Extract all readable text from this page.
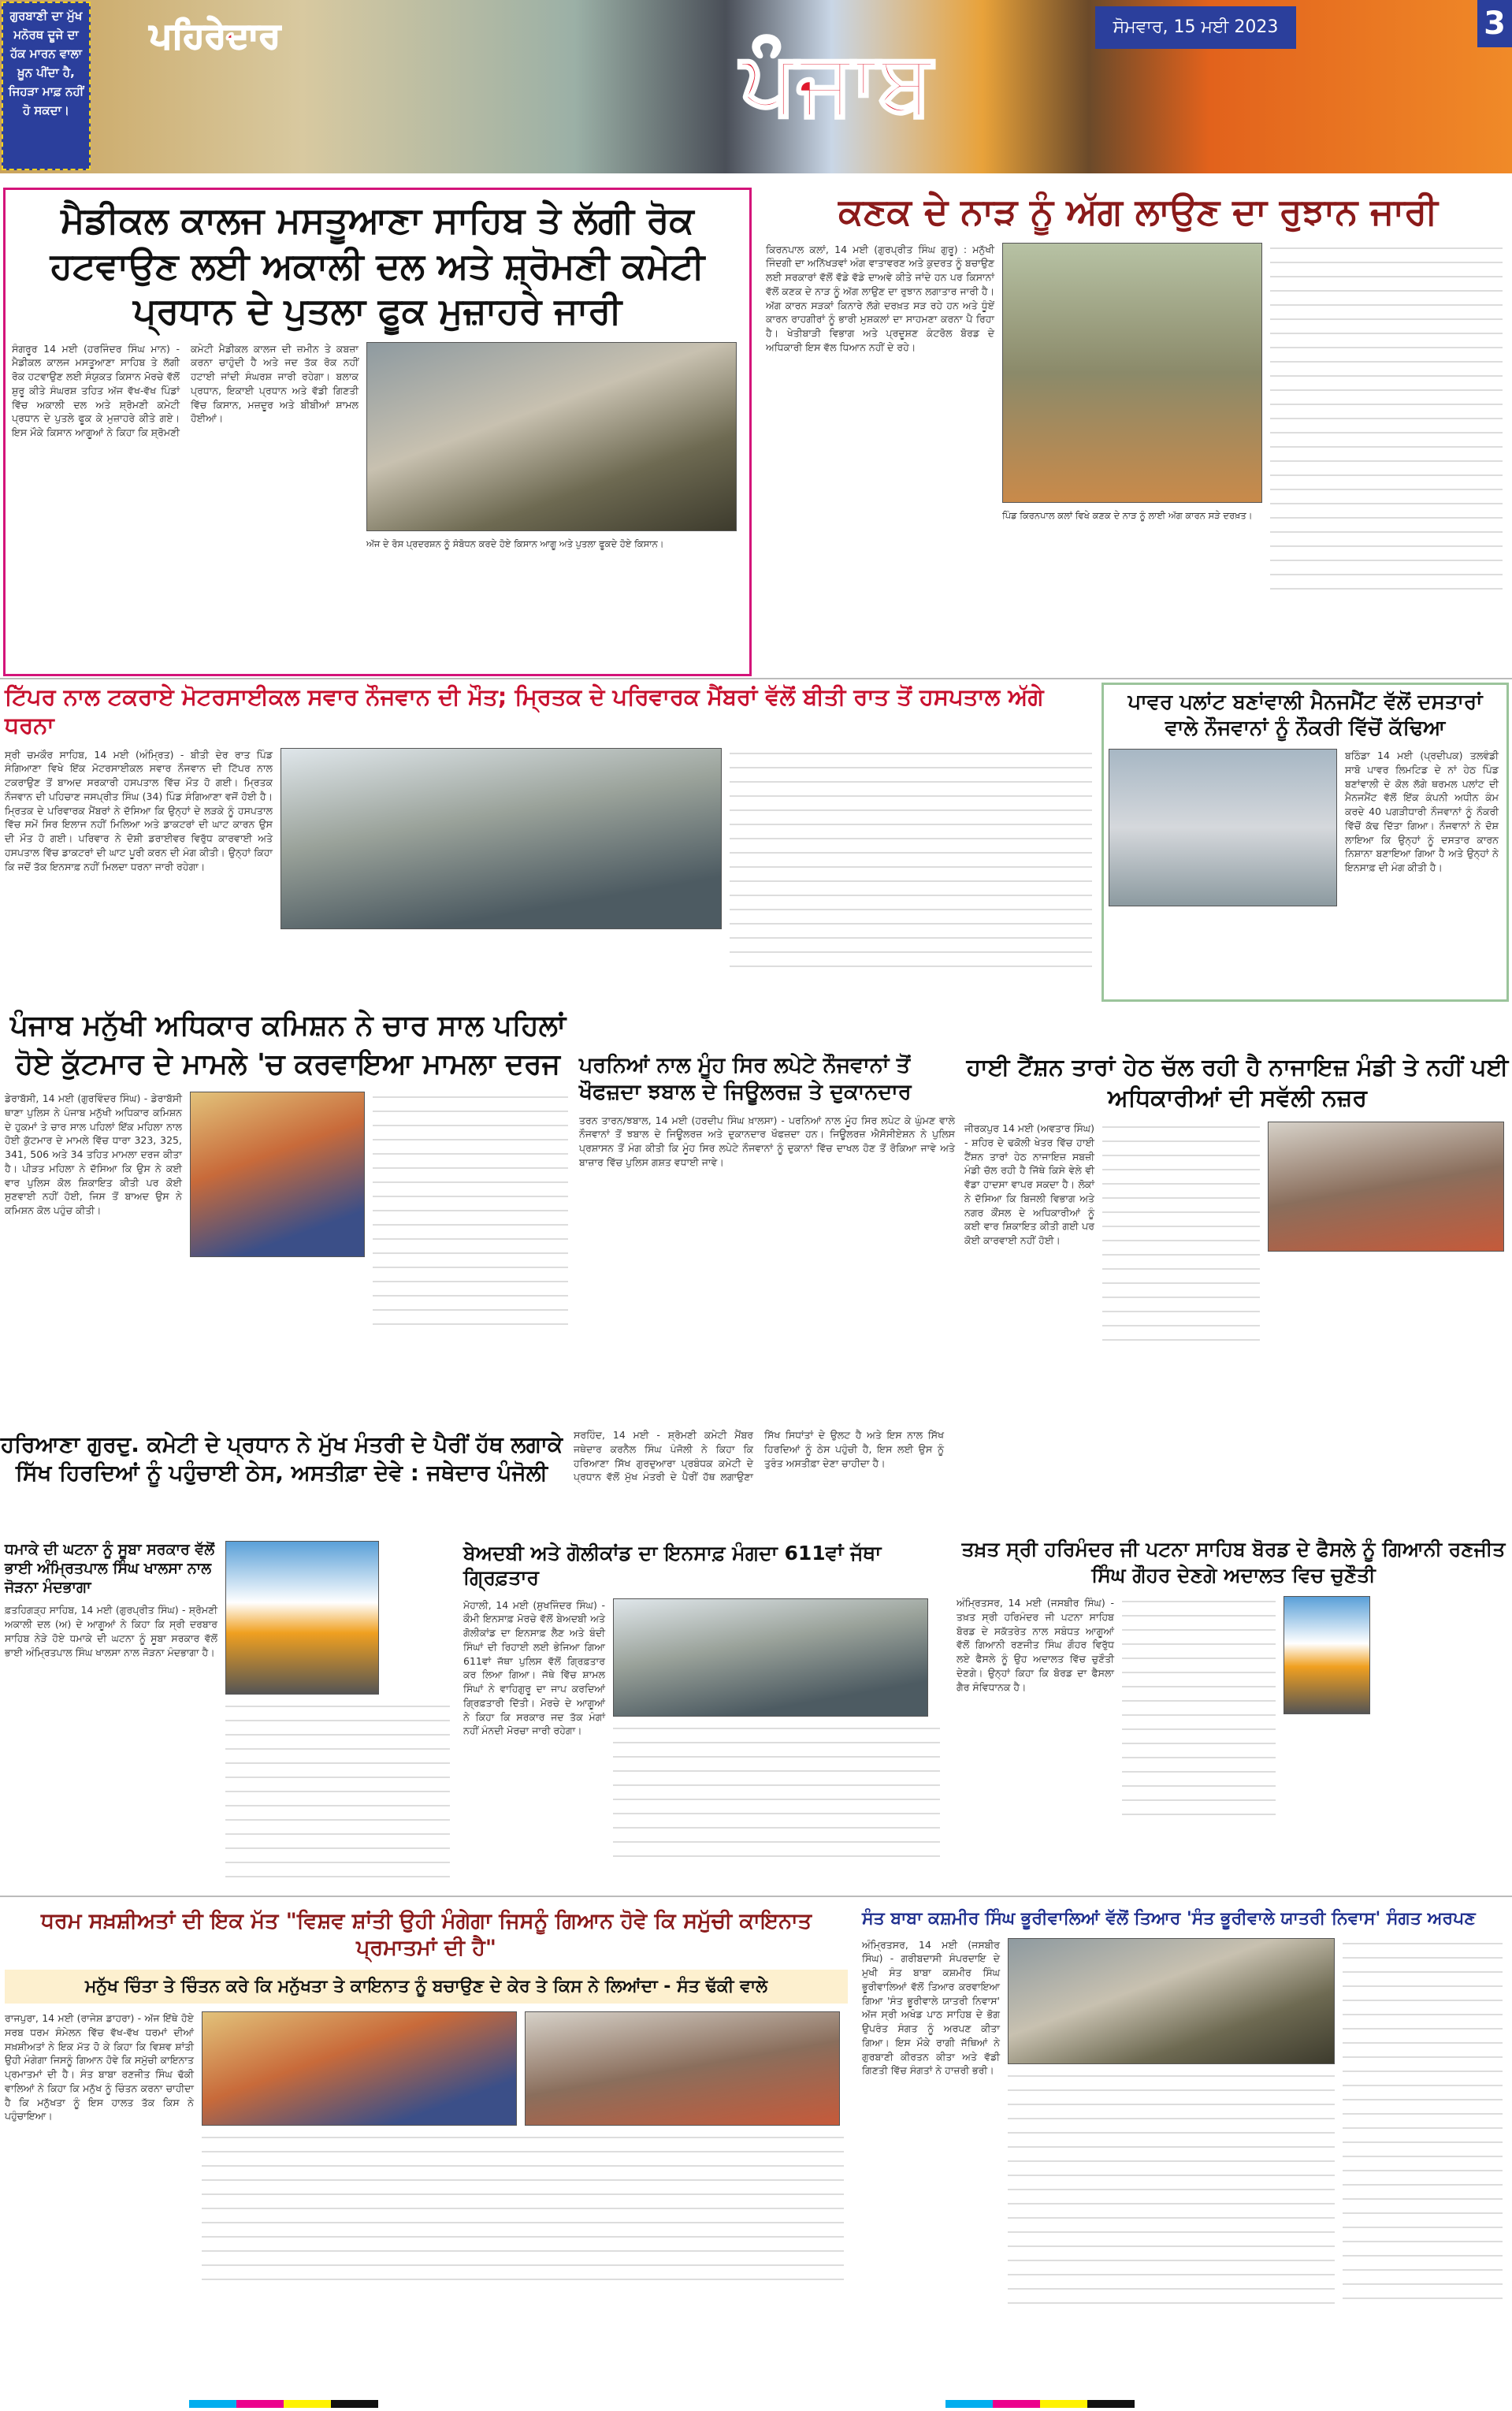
ਗੁਰਬਾਣੀ ਦਾ ਮੁੱਖ ਮਨੋਰਥ ਦੂਜੇ ਦਾ ਹੱਕ ਮਾਰਨ ਵਾਲਾ ਖ਼ੂਨ ਪੀਂਦਾ ਹੈ, ਜਿਹੜਾ ਮਾਫ਼ ਨਹੀਂ ਹੋ ਸਕਦਾ।
ਪਹਿਰੇਦਾਰ	ਪੰਜਾਬ
ਸੋਮਵਾਰ, 15 ਮਈ 2023	3
ਮੈਡੀਕਲ ਕਾਲਜ ਮਸਤੂਆਣਾ ਸਾਹਿਬ ਤੇ ਲੱਗੀ ਰੋਕ ਹਟਵਾਉਣ ਲਈ ਅਕਾਲੀ ਦਲ ਅਤੇ ਸ਼੍ਰੋਮਣੀ ਕਮੇਟੀ ਪ੍ਰਧਾਨ ਦੇ ਪੁਤਲਾ ਫੂਕ ਮੁਜ਼ਾਹਰੇ ਜਾਰੀ
ਸੰਗਰੂਰ 14 ਮਈ (ਹਰਜਿੰਦਰ ਸਿੰਘ ਮਾਨ) - ਮੈਡੀਕਲ ਕਾਲਜ ਮਸਤੂਆਣਾ ਸਾਹਿਬ ਤੇ ਲੱਗੀ ਰੋਕ ਹਟਵਾਉਣ ਲਈ ਸੰਯੁਕਤ ਕਿਸਾਨ ਮੋਰਚੇ ਵੱਲੋਂ ਸ਼ੁਰੂ ਕੀਤੇ ਸੰਘਰਸ਼ ਤਹਿਤ ਅੱਜ ਵੱਖ-ਵੱਖ ਪਿੰਡਾਂ ਵਿੱਚ ਅਕਾਲੀ ਦਲ ਅਤੇ ਸ਼੍ਰੋਮਣੀ ਕਮੇਟੀ ਪ੍ਰਧਾਨ ਦੇ ਪੁਤਲੇ ਫੂਕ ਕੇ ਮੁਜ਼ਾਹਰੇ ਕੀਤੇ ਗਏ। ਇਸ ਮੌਕੇ ਕਿਸਾਨ ਆਗੂਆਂ ਨੇ ਕਿਹਾ ਕਿ ਸ਼੍ਰੋਮਣੀ ਕਮੇਟੀ ਮੈਡੀਕਲ ਕਾਲਜ ਦੀ ਜ਼ਮੀਨ ਤੇ ਕਬਜ਼ਾ ਕਰਨਾ ਚਾਹੁੰਦੀ ਹੈ ਅਤੇ ਜਦ ਤੱਕ ਰੋਕ ਨਹੀਂ ਹਟਾਈ ਜਾਂਦੀ ਸੰਘਰਸ਼ ਜਾਰੀ ਰਹੇਗਾ। ਬਲਾਕ ਪ੍ਰਧਾਨ, ਇਕਾਈ ਪ੍ਰਧਾਨ ਅਤੇ ਵੱਡੀ ਗਿਣਤੀ ਵਿੱਚ ਕਿਸਾਨ, ਮਜ਼ਦੂਰ ਅਤੇ ਬੀਬੀਆਂ ਸ਼ਾਮਲ ਹੋਈਆਂ।
ਅੱਜ ਦੇ ਰੋਸ ਪ੍ਰਦਰਸ਼ਨ ਨੂੰ ਸੰਬੋਧਨ ਕਰਦੇ ਹੋਏ ਕਿਸਾਨ ਆਗੂ ਅਤੇ ਪੁਤਲਾ ਫੂਕਦੇ ਹੋਏ ਕਿਸਾਨ।
ਕਣਕ ਦੇ ਨਾੜ ਨੂੰ ਅੱਗ ਲਾਉਣ ਦਾ ਰੁਝਾਨ ਜਾਰੀ
ਕਿਰਨਪਾਲ ਕਲਾਂ, 14 ਮਈ (ਗੁਰਪ੍ਰੀਤ ਸਿੰਘ ਗੁਰੂ) : ਮਨੁੱਖੀ ਜਿੰਦਗੀ ਦਾ ਅਨਿੱਖੜਵਾਂ ਅੰਗ ਵਾਤਾਵਰਣ ਅਤੇ ਕੁਦਰਤ ਨੂੰ ਬਚਾਉਣ ਲਈ ਸਰਕਾਰਾਂ ਵੱਲੋਂ ਵੱਡੇ ਵੱਡੇ ਦਾਅਵੇ ਕੀਤੇ ਜਾਂਦੇ ਹਨ ਪਰ ਕਿਸਾਨਾਂ ਵੱਲੋਂ ਕਣਕ ਦੇ ਨਾੜ ਨੂੰ ਅੱਗ ਲਾਉਣ ਦਾ ਰੁਝਾਨ ਲਗਾਤਾਰ ਜਾਰੀ ਹੈ। ਅੱਗ ਕਾਰਨ ਸੜਕਾਂ ਕਿਨਾਰੇ ਲੱਗੇ ਦਰਖ਼ਤ ਸੜ ਰਹੇ ਹਨ ਅਤੇ ਧੂੰਏਂ ਕਾਰਨ ਰਾਹਗੀਰਾਂ ਨੂੰ ਭਾਰੀ ਮੁਸ਼ਕਲਾਂ ਦਾ ਸਾਹਮਣਾ ਕਰਨਾ ਪੈ ਰਿਹਾ ਹੈ। ਖੇਤੀਬਾੜੀ ਵਿਭਾਗ ਅਤੇ ਪ੍ਰਦੂਸ਼ਣ ਕੰਟਰੋਲ ਬੋਰਡ ਦੇ ਅਧਿਕਾਰੀ ਇਸ ਵੱਲ ਧਿਆਨ ਨਹੀਂ ਦੇ ਰਹੇ।
ਪਿੰਡ ਕਿਰਨਪਾਲ ਕਲਾਂ ਵਿਖੇ ਕਣਕ ਦੇ ਨਾੜ ਨੂੰ ਲਾਈ ਅੱਗ ਕਾਰਨ ਸੜੇ ਦਰਖ਼ਤ।
ਟਿੱਪਰ ਨਾਲ ਟਕਰਾਏ ਮੋਟਰਸਾਈਕਲ ਸਵਾਰ ਨੌਜਵਾਨ ਦੀ ਮੌਤ; ਮ੍ਰਿਤਕ ਦੇ ਪਰਿਵਾਰਕ ਮੈਂਬਰਾਂ ਵੱਲੋਂ ਬੀਤੀ ਰਾਤ ਤੋਂ ਹਸਪਤਾਲ ਅੱਗੇ ਧਰਨਾ
ਸ੍ਰੀ ਚਮਕੌਰ ਸਾਹਿਬ, 14 ਮਈ (ਅੰਮ੍ਰਿਤ) - ਬੀਤੀ ਦੇਰ ਰਾਤ ਪਿੰਡ ਸੰਗਿਆਣਾ ਵਿਖੇ ਇੱਕ ਮੋਟਰਸਾਈਕਲ ਸਵਾਰ ਨੌਜਵਾਨ ਦੀ ਟਿੱਪਰ ਨਾਲ ਟਕਰਾਉਣ ਤੋਂ ਬਾਅਦ ਸਰਕਾਰੀ ਹਸਪਤਾਲ ਵਿੱਚ ਮੌਤ ਹੋ ਗਈ। ਮ੍ਰਿਤਕ ਨੌਜਵਾਨ ਦੀ ਪਹਿਚਾਣ ਜਸਪ੍ਰੀਤ ਸਿੰਘ (34) ਪਿੰਡ ਸੰਗਿਆਣਾ ਵਜੋਂ ਹੋਈ ਹੈ। ਮ੍ਰਿਤਕ ਦੇ ਪਰਿਵਾਰਕ ਮੈਂਬਰਾਂ ਨੇ ਦੱਸਿਆ ਕਿ ਉਨ੍ਹਾਂ ਦੇ ਲੜਕੇ ਨੂੰ ਹਸਪਤਾਲ ਵਿੱਚ ਸਮੇਂ ਸਿਰ ਇਲਾਜ ਨਹੀਂ ਮਿਲਿਆ ਅਤੇ ਡਾਕਟਰਾਂ ਦੀ ਘਾਟ ਕਾਰਨ ਉਸ ਦੀ ਮੌਤ ਹੋ ਗਈ। ਪਰਿਵਾਰ ਨੇ ਦੋਸ਼ੀ ਡਰਾਈਵਰ ਵਿਰੁੱਧ ਕਾਰਵਾਈ ਅਤੇ ਹਸਪਤਾਲ ਵਿੱਚ ਡਾਕਟਰਾਂ ਦੀ ਘਾਟ ਪੂਰੀ ਕਰਨ ਦੀ ਮੰਗ ਕੀਤੀ। ਉਨ੍ਹਾਂ ਕਿਹਾ ਕਿ ਜਦੋਂ ਤੱਕ ਇਨਸਾਫ਼ ਨਹੀਂ ਮਿਲਦਾ ਧਰਨਾ ਜਾਰੀ ਰਹੇਗਾ।
ਪਾਵਰ ਪਲਾਂਟ ਬਣਾਂਵਾਲੀ ਮੈਨਜਮੈਂਟ ਵੱਲੋਂ ਦਸਤਾਰਾਂ ਵਾਲੇ ਨੌਜਵਾਨਾਂ ਨੂੰ ਨੌਕਰੀ ਵਿੱਚੋਂ ਕੱਢਿਆ
ਬਠਿੰਡਾ 14 ਮਈ (ਪ੍ਰਦੀਪਕ) ਤਲਵੰਡੀ ਸਾਬੋ ਪਾਵਰ ਲਿਮਟਿਡ ਦੇ ਨਾਂ ਹੇਠ ਪਿੰਡ ਬਣਾਂਵਾਲੀ ਦੇ ਕੋਲ ਲੱਗੇ ਥਰਮਲ ਪਲਾਂਟ ਦੀ ਮੈਨਜਮੈਂਟ ਵੱਲੋਂ ਇੱਕ ਕੰਪਨੀ ਅਧੀਨ ਕੰਮ ਕਰਦੇ 40 ਪਗੜੀਧਾਰੀ ਨੌਜਵਾਨਾਂ ਨੂੰ ਨੌਕਰੀ ਵਿੱਚੋਂ ਕੱਢ ਦਿੱਤਾ ਗਿਆ। ਨੌਜਵਾਨਾਂ ਨੇ ਦੋਸ਼ ਲਾਇਆ ਕਿ ਉਨ੍ਹਾਂ ਨੂੰ ਦਸਤਾਰ ਕਾਰਨ ਨਿਸ਼ਾਨਾ ਬਣਾਇਆ ਗਿਆ ਹੈ ਅਤੇ ਉਨ੍ਹਾਂ ਨੇ ਇਨਸਾਫ਼ ਦੀ ਮੰਗ ਕੀਤੀ ਹੈ।
ਪੰਜਾਬ ਮਨੁੱਖੀ ਅਧਿਕਾਰ ਕਮਿਸ਼ਨ ਨੇ ਚਾਰ ਸਾਲ ਪਹਿਲਾਂ ਹੋਏ ਕੁੱਟਮਾਰ ਦੇ ਮਾਮਲੇ 'ਚ ਕਰਵਾਇਆ ਮਾਮਲਾ ਦਰਜ
ਡੇਰਾਬੱਸੀ, 14 ਮਈ (ਗੁਰਵਿੰਦਰ ਸਿੰਘ) - ਡੇਰਾਬੱਸੀ ਥਾਣਾ ਪੁਲਿਸ ਨੇ ਪੰਜਾਬ ਮਨੁੱਖੀ ਅਧਿਕਾਰ ਕਮਿਸ਼ਨ ਦੇ ਹੁਕਮਾਂ ਤੇ ਚਾਰ ਸਾਲ ਪਹਿਲਾਂ ਇੱਕ ਮਹਿਲਾ ਨਾਲ ਹੋਈ ਕੁੱਟਮਾਰ ਦੇ ਮਾਮਲੇ ਵਿੱਚ ਧਾਰਾ 323, 325, 341, 506 ਅਤੇ 34 ਤਹਿਤ ਮਾਮਲਾ ਦਰਜ ਕੀਤਾ ਹੈ। ਪੀੜਤ ਮਹਿਲਾ ਨੇ ਦੱਸਿਆ ਕਿ ਉਸ ਨੇ ਕਈ ਵਾਰ ਪੁਲਿਸ ਕੋਲ ਸ਼ਿਕਾਇਤ ਕੀਤੀ ਪਰ ਕੋਈ ਸੁਣਵਾਈ ਨਹੀਂ ਹੋਈ, ਜਿਸ ਤੋਂ ਬਾਅਦ ਉਸ ਨੇ ਕਮਿਸ਼ਨ ਕੋਲ ਪਹੁੰਚ ਕੀਤੀ।
ਪਰਨਿਆਂ ਨਾਲ ਮੂੰਹ ਸਿਰ ਲਪੇਟੇ ਨੌਜਵਾਨਾਂ ਤੋਂ ਖੌਫਜ਼ਦਾ ਝਬਾਲ ਦੇ ਜਿਊਲਰਜ਼ ਤੇ ਦੁਕਾਨਦਾਰ
ਤਰਨ ਤਾਰਨ/ਝਬਾਲ, 14 ਮਈ (ਹਰਦੀਪ ਸਿੰਘ ਖ਼ਾਲਸਾ) - ਪਰਨਿਆਂ ਨਾਲ ਮੂੰਹ ਸਿਰ ਲਪੇਟ ਕੇ ਘੁੰਮਣ ਵਾਲੇ ਨੌਜਵਾਨਾਂ ਤੋਂ ਝਬਾਲ ਦੇ ਜਿਊਲਰਜ਼ ਅਤੇ ਦੁਕਾਨਦਾਰ ਖੌਫਜ਼ਦਾ ਹਨ। ਜਿਊਲਰਜ਼ ਐਸੋਸੀਏਸ਼ਨ ਨੇ ਪੁਲਿਸ ਪ੍ਰਸ਼ਾਸਨ ਤੋਂ ਮੰਗ ਕੀਤੀ ਕਿ ਮੂੰਹ ਸਿਰ ਲਪੇਟੇ ਨੌਜਵਾਨਾਂ ਨੂੰ ਦੁਕਾਨਾਂ ਵਿੱਚ ਦਾਖਲ ਹੋਣ ਤੋਂ ਰੋਕਿਆ ਜਾਵੇ ਅਤੇ ਬਾਜ਼ਾਰ ਵਿੱਚ ਪੁਲਿਸ ਗਸ਼ਤ ਵਧਾਈ ਜਾਵੇ।
ਹਾਈ ਟੈਂਸ਼ਨ ਤਾਰਾਂ ਹੇਠ ਚੱਲ ਰਹੀ ਹੈ ਨਾਜਾਇਜ਼ ਮੰਡੀ ਤੇ ਨਹੀਂ ਪਈ ਅਧਿਕਾਰੀਆਂ ਦੀ ਸਵੱਲੀ ਨਜ਼ਰ
ਜੀਰਕਪੁਰ 14 ਮਈ (ਅਵਤਾਰ ਸਿੰਘ) - ਸ਼ਹਿਰ ਦੇ ਢਕੋਲੀ ਖੇਤਰ ਵਿੱਚ ਹਾਈ ਟੈਂਸ਼ਨ ਤਾਰਾਂ ਹੇਠ ਨਾਜਾਇਜ਼ ਸਬਜ਼ੀ ਮੰਡੀ ਚੱਲ ਰਹੀ ਹੈ ਜਿੱਥੇ ਕਿਸੇ ਵੇਲੇ ਵੀ ਵੱਡਾ ਹਾਦਸਾ ਵਾਪਰ ਸਕਦਾ ਹੈ। ਲੋਕਾਂ ਨੇ ਦੱਸਿਆ ਕਿ ਬਿਜਲੀ ਵਿਭਾਗ ਅਤੇ ਨਗਰ ਕੌਂਸਲ ਦੇ ਅਧਿਕਾਰੀਆਂ ਨੂੰ ਕਈ ਵਾਰ ਸ਼ਿਕਾਇਤ ਕੀਤੀ ਗਈ ਪਰ ਕੋਈ ਕਾਰਵਾਈ ਨਹੀਂ ਹੋਈ।
ਹਰਿਆਣਾ ਗੁਰਦੁ. ਕਮੇਟੀ ਦੇ ਪ੍ਰਧਾਨ ਨੇ ਮੁੱਖ ਮੰਤਰੀ ਦੇ ਪੈਰੀਂ ਹੱਥ ਲਗਾਕੇ ਸਿੱਖ ਹਿਰਦਿਆਂ ਨੂੰ ਪਹੁੰਚਾਈ ਠੇਸ, ਅਸਤੀਫ਼ਾ ਦੇਵੇ : ਜਥੇਦਾਰ ਪੰਜੋਲੀ
ਸਰਹਿੰਦ, 14 ਮਈ - ਸ਼੍ਰੋਮਣੀ ਕਮੇਟੀ ਮੈਂਬਰ ਜਥੇਦਾਰ ਕਰਨੈਲ ਸਿੰਘ ਪੰਜੋਲੀ ਨੇ ਕਿਹਾ ਕਿ ਹਰਿਆਣਾ ਸਿੱਖ ਗੁਰਦੁਆਰਾ ਪ੍ਰਬੰਧਕ ਕਮੇਟੀ ਦੇ ਪ੍ਰਧਾਨ ਵੱਲੋਂ ਮੁੱਖ ਮੰਤਰੀ ਦੇ ਪੈਰੀਂ ਹੱਥ ਲਗਾਉਣਾ ਸਿੱਖ ਸਿਧਾਂਤਾਂ ਦੇ ਉਲਟ ਹੈ ਅਤੇ ਇਸ ਨਾਲ ਸਿੱਖ ਹਿਰਦਿਆਂ ਨੂੰ ਠੇਸ ਪਹੁੰਚੀ ਹੈ, ਇਸ ਲਈ ਉਸ ਨੂੰ ਤੁਰੰਤ ਅਸਤੀਫ਼ਾ ਦੇਣਾ ਚਾਹੀਦਾ ਹੈ।
ਧਮਾਕੇ ਦੀ ਘਟਨਾ ਨੂੰ ਸੂਬਾ ਸਰਕਾਰ ਵੱਲੋਂ ਭਾਈ ਅੰਮ੍ਰਿਤਪਾਲ ਸਿੰਘ ਖਾਲਸਾ ਨਾਲ ਜੋੜਨਾ ਮੰਦਭਾਗਾ
ਫ਼ਤਹਿਗੜ੍ਹ ਸਾਹਿਬ, 14 ਮਈ (ਗੁਰਪ੍ਰੀਤ ਸਿੰਘ) - ਸ਼੍ਰੋਮਣੀ ਅਕਾਲੀ ਦਲ (ਅ) ਦੇ ਆਗੂਆਂ ਨੇ ਕਿਹਾ ਕਿ ਸ੍ਰੀ ਦਰਬਾਰ ਸਾਹਿਬ ਨੇੜੇ ਹੋਏ ਧਮਾਕੇ ਦੀ ਘਟਨਾ ਨੂੰ ਸੂਬਾ ਸਰਕਾਰ ਵੱਲੋਂ ਭਾਈ ਅੰਮ੍ਰਿਤਪਾਲ ਸਿੰਘ ਖਾਲਸਾ ਨਾਲ ਜੋੜਨਾ ਮੰਦਭਾਗਾ ਹੈ।
ਬੇਅਦਬੀ ਅਤੇ ਗੋਲੀਕਾਂਡ ਦਾ ਇਨਸਾਫ਼ ਮੰਗਦਾ 611ਵਾਂ ਜੱਥਾ ਗ੍ਰਿਫ਼ਤਾਰ
ਮੋਹਾਲੀ, 14 ਮਈ (ਸੁਖਜਿੰਦਰ ਸਿੰਘ) - ਕੌਮੀ ਇਨਸਾਫ਼ ਮੋਰਚੇ ਵੱਲੋਂ ਬੇਅਦਬੀ ਅਤੇ ਗੋਲੀਕਾਂਡ ਦਾ ਇਨਸਾਫ਼ ਲੈਣ ਅਤੇ ਬੰਦੀ ਸਿੰਘਾਂ ਦੀ ਰਿਹਾਈ ਲਈ ਭੇਜਿਆ ਗਿਆ 611ਵਾਂ ਜੱਥਾ ਪੁਲਿਸ ਵੱਲੋਂ ਗ੍ਰਿਫ਼ਤਾਰ ਕਰ ਲਿਆ ਗਿਆ। ਜੱਥੇ ਵਿੱਚ ਸ਼ਾਮਲ ਸਿੰਘਾਂ ਨੇ ਵਾਹਿਗੁਰੂ ਦਾ ਜਾਪ ਕਰਦਿਆਂ ਗ੍ਰਿਫ਼ਤਾਰੀ ਦਿੱਤੀ। ਮੋਰਚੇ ਦੇ ਆਗੂਆਂ ਨੇ ਕਿਹਾ ਕਿ ਸਰਕਾਰ ਜਦ ਤੱਕ ਮੰਗਾਂ ਨਹੀਂ ਮੰਨਦੀ ਮੋਰਚਾ ਜਾਰੀ ਰਹੇਗਾ।
ਤਖ਼ਤ ਸ੍ਰੀ ਹਰਿਮੰਦਰ ਜੀ ਪਟਨਾ ਸਾਹਿਬ ਬੋਰਡ ਦੇ ਫੈਸਲੇ ਨੂੰ ਗਿਆਨੀ ਰਣਜੀਤ ਸਿੰਘ ਗੌਹਰ ਦੇਣਗੇ ਅਦਾਲਤ ਵਿਚ ਚੁਣੌਤੀ
ਅੰਮ੍ਰਿਤਸਰ, 14 ਮਈ (ਜਸਬੀਰ ਸਿੰਘ) - ਤਖ਼ਤ ਸ੍ਰੀ ਹਰਿਮੰਦਰ ਜੀ ਪਟਨਾ ਸਾਹਿਬ ਬੋਰਡ ਦੇ ਸਕੱਤਰੇਤ ਨਾਲ ਸਬੰਧਤ ਆਗੂਆਂ ਵੱਲੋਂ ਗਿਆਨੀ ਰਣਜੀਤ ਸਿੰਘ ਗੌਹਰ ਵਿਰੁੱਧ ਲਏ ਫੈਸਲੇ ਨੂੰ ਉਹ ਅਦਾਲਤ ਵਿੱਚ ਚੁਣੌਤੀ ਦੇਣਗੇ। ਉਨ੍ਹਾਂ ਕਿਹਾ ਕਿ ਬੋਰਡ ਦਾ ਫੈਸਲਾ ਗੈਰ ਸੰਵਿਧਾਨਕ ਹੈ।
ਧਰਮ ਸਖ਼ਸ਼ੀਅਤਾਂ ਦੀ ਇਕ ਮੱਤ "ਵਿਸ਼ਵ ਸ਼ਾਂਤੀ ਉਹੀ ਮੰਗੇਗਾ ਜਿਸਨੂੰ ਗਿਆਨ ਹੋਵੇ ਕਿ ਸਮੁੱਚੀ ਕਾਇਨਾਤ ਪ੍ਰਮਾਤਮਾਂ ਦੀ ਹੈ"
ਮਨੁੱਖ ਚਿੰਤਾ ਤੇ ਚਿੰਤਨ ਕਰੇ ਕਿ ਮਨੁੱਖਤਾ ਤੇ ਕਾਇਨਾਤ ਨੂੰ ਬਚਾਉਣ ਦੇ ਕੇਰ ਤੇ ਕਿਸ ਨੇ ਲਿਆਂਦਾ - ਸੰਤ ਢੱਕੀ ਵਾਲੇ
ਰਾਜਪੁਰਾ, 14 ਮਈ (ਰਾਜੇਸ਼ ਡਾਹਰਾ) - ਅੱਜ ਇੱਥੇ ਹੋਏ ਸਰਬ ਧਰਮ ਸੰਮੇਲਨ ਵਿੱਚ ਵੱਖ-ਵੱਖ ਧਰਮਾਂ ਦੀਆਂ ਸਖ਼ਸ਼ੀਅਤਾਂ ਨੇ ਇਕ ਮੱਤ ਹੋ ਕੇ ਕਿਹਾ ਕਿ ਵਿਸ਼ਵ ਸ਼ਾਂਤੀ ਉਹੀ ਮੰਗੇਗਾ ਜਿਸਨੂੰ ਗਿਆਨ ਹੋਵੇ ਕਿ ਸਮੁੱਚੀ ਕਾਇਨਾਤ ਪ੍ਰਮਾਤਮਾਂ ਦੀ ਹੈ। ਸੰਤ ਬਾਬਾ ਰਣਜੀਤ ਸਿੰਘ ਢੱਕੀ ਵਾਲਿਆਂ ਨੇ ਕਿਹਾ ਕਿ ਮਨੁੱਖ ਨੂੰ ਚਿੰਤਨ ਕਰਨਾ ਚਾਹੀਦਾ ਹੈ ਕਿ ਮਨੁੱਖਤਾ ਨੂੰ ਇਸ ਹਾਲਤ ਤੱਕ ਕਿਸ ਨੇ ਪਹੁੰਚਾਇਆ।
ਸੰਤ ਬਾਬਾ ਕਸ਼ਮੀਰ ਸਿੰਘ ਭੂਰੀਵਾਲਿਆਂ ਵੱਲੋਂ ਤਿਆਰ 'ਸੰਤ ਭੂਰੀਵਾਲੇ ਯਾਤਰੀ ਨਿਵਾਸ' ਸੰਗਤ ਅਰਪਣ
ਅੰਮ੍ਰਿਤਸਰ, 14 ਮਈ (ਜਸਬੀਰ ਸਿੰਘ) - ਗਰੀਬਦਾਸੀ ਸੰਪਰਦਾਇ ਦੇ ਮੁਖੀ ਸੰਤ ਬਾਬਾ ਕਸ਼ਮੀਰ ਸਿੰਘ ਭੂਰੀਵਾਲਿਆਂ ਵੱਲੋਂ ਤਿਆਰ ਕਰਵਾਇਆ ਗਿਆ 'ਸੰਤ ਭੂਰੀਵਾਲੇ ਯਾਤਰੀ ਨਿਵਾਸ' ਅੱਜ ਸ੍ਰੀ ਅਖੰਡ ਪਾਠ ਸਾਹਿਬ ਦੇ ਭੋਗ ਉਪਰੰਤ ਸੰਗਤ ਨੂੰ ਅਰਪਣ ਕੀਤਾ ਗਿਆ। ਇਸ ਮੌਕੇ ਰਾਗੀ ਜੱਥਿਆਂ ਨੇ ਗੁਰਬਾਣੀ ਕੀਰਤਨ ਕੀਤਾ ਅਤੇ ਵੱਡੀ ਗਿਣਤੀ ਵਿੱਚ ਸੰਗਤਾਂ ਨੇ ਹਾਜ਼ਰੀ ਭਰੀ।
